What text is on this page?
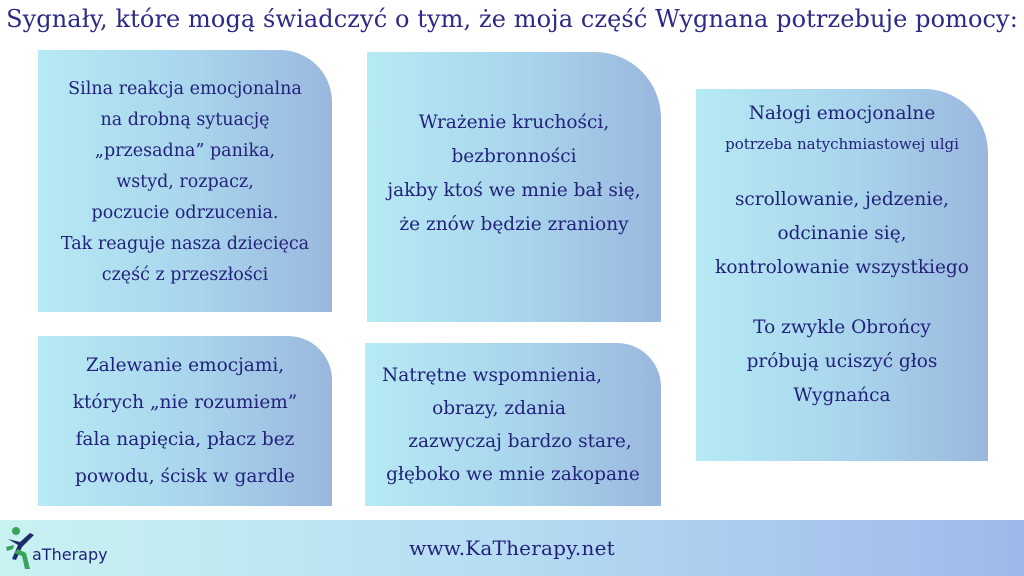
Sygnały, które mogą świadczyć o tym, że moja część Wygnana potrzebuje pomocy:
Silna reakcja emocjonalna
na drobną sytuację
„przesadna” panika,
wstyd, rozpacz,
poczucie odrzucenia.
Tak reaguje nasza dziecięca
część z przeszłości
Wrażenie kruchości,
bezbronności
jakby ktoś we mnie bał się,
że znów będzie zraniony
Nałogi emocjonalne
potrzeba natychmiastowej ulgi
scrollowanie, jedzenie,
odcinanie się,
kontrolowanie wszystkiego
To zwykle Obrońcy
próbują uciszyć głos
Wygnańca
Zalewanie emocjami,
których „nie rozumiem”
fala napięcia, płacz bez
powodu, ścisk w gardle
Natrętne wspomnienia,
obrazy, zdania
zazwyczaj bardzo stare,
głęboko we mnie zakopane
www.KaTherapy.net
aTherapy
